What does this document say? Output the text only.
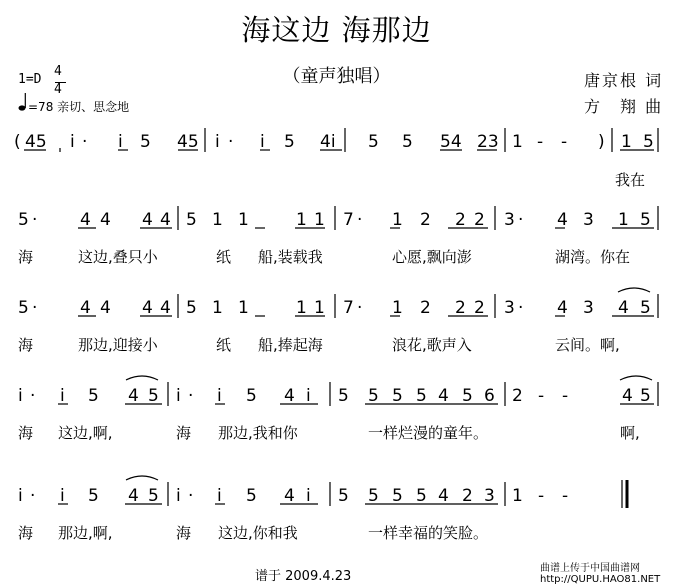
海这边 海那边
（童声独唱）	唐京根 词
方　翔 曲
1=D
4
4
=78 亲切、思念地
( 45 i · i 5 45 i · i 5 4i 5 5 54 23 1 - - ) 1 5
我在
5 ·	4 4 4 4 5 1 1	1 1 7 · 1 2 2 2 3 · 4 3 1 5
海	这边,叠只小	纸 船,装载我	心愿,飘向澎	湖湾。你在
5 ·	4 4 4 4 5 1 1	1 1 7 · 1 2 2 2 3 · 4 3 4 5
海	那边,迎接小	纸 船,捧起海	浪花,歌声入	云间。啊,
i · i 5 4 5 i · i 5 4 i 5 5 5 5 4 5 6 2 - -	4 5
海 这边,啊,	海 那边,我和你	一样烂漫的童年。	啊,
i · i 5 4 5 i · i 5 4 i 5 5 5 5 4 2 3 1 - -
海 那边,啊,	海 这边,你和我	一样幸福的笑脸。
谱于 2009.4.23
曲谱上传于中国曲谱网
http://QUPU.HAO81.NET
